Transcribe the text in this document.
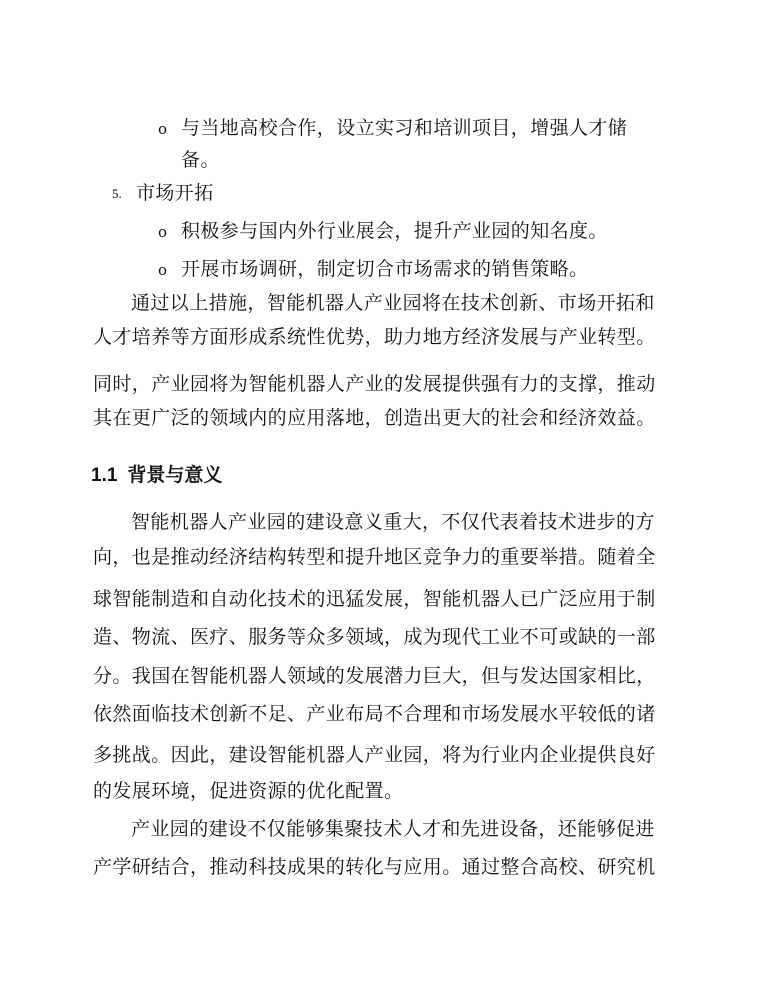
o 与当地高校合作，设立实习和培训项目，增强人才储
备。
5. 市场开拓
o 积极参与国内外行业展会，提升产业园的知名度。
o 开展市场调研，制定切合市场需求的销售策略。
通过以上措施，智能机器人产业园将在技术创新、市场开拓和
人才培养等方面形成系统性优势，助力地方经济发展与产业转型。
同时，产业园将为智能机器人产业的发展提供强有力的支撑，推动
其在更广泛的领域内的应用落地，创造出更大的社会和经济效益。
1.1 背景与意义
智能机器人产业园的建设意义重大，不仅代表着技术进步的方
向，也是推动经济结构转型和提升地区竞争力的重要举措。随着全
球智能制造和自动化技术的迅猛发展，智能机器人已广泛应用于制
造、物流、医疗、服务等众多领域，成为现代工业不可或缺的一部
分。我国在智能机器人领域的发展潜力巨大，但与发达国家相比，
依然面临技术创新不足、产业布局不合理和市场发展水平较低的诸
多挑战。因此，建设智能机器人产业园，将为行业内企业提供良好
的发展环境，促进资源的优化配置。
产业园的建设不仅能够集聚技术人才和先进设备，还能够促进
产学研结合，推动科技成果的转化与应用。通过整合高校、研究机
